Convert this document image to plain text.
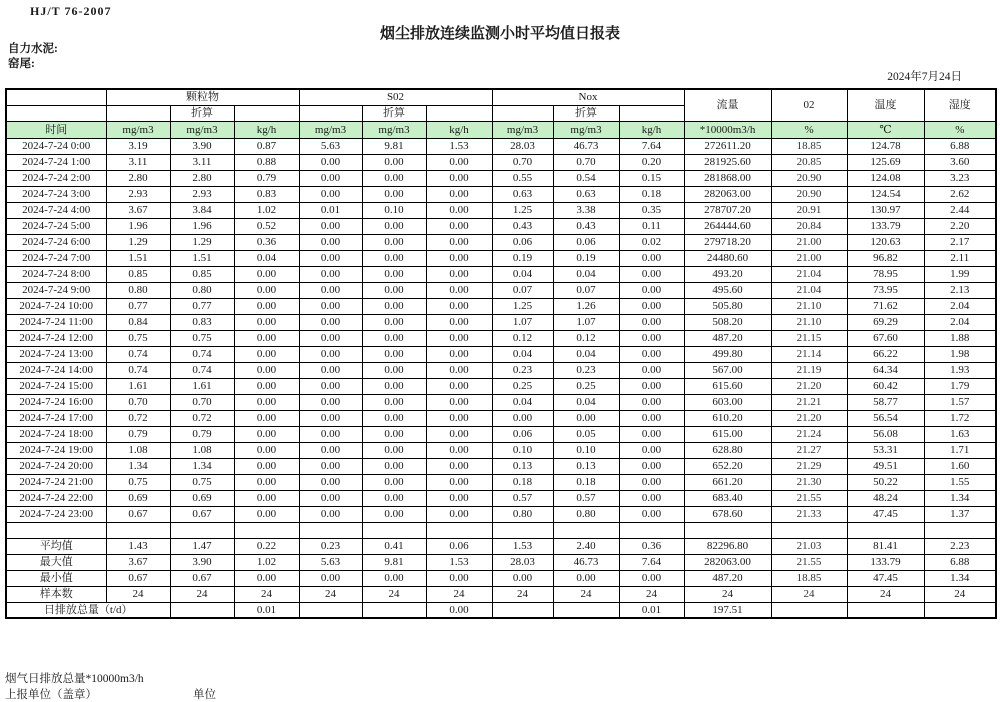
HJ/T 76-2007
烟尘排放连续监测小时平均值日报表
自力水泥:
窑尾:
2024年7月24日
	颗粒物			S02			Nox			流量	02	温度	湿度
		折算			折算			折算					
时间	mg/m3	mg/m3	kg/h	mg/m3	mg/m3	kg/h	mg/m3	mg/m3	kg/h	*10000m3/h	%	℃	%
2024-7-24 0:00	3.19	3.90	0.87	5.63	9.81	1.53	28.03	46.73	7.64	272611.20	18.85	124.78	6.88
2024-7-24 1:00	3.11	3.11	0.88	0.00	0.00	0.00	0.70	0.70	0.20	281925.60	20.85	125.69	3.60
2024-7-24 2:00	2.80	2.80	0.79	0.00	0.00	0.00	0.55	0.54	0.15	281868.00	20.90	124.08	3.23
2024-7-24 3:00	2.93	2.93	0.83	0.00	0.00	0.00	0.63	0.63	0.18	282063.00	20.90	124.54	2.62
2024-7-24 4:00	3.67	3.84	1.02	0.01	0.10	0.00	1.25	3.38	0.35	278707.20	20.91	130.97	2.44
2024-7-24 5:00	1.96	1.96	0.52	0.00	0.00	0.00	0.43	0.43	0.11	264444.60	20.84	133.79	2.20
2024-7-24 6:00	1.29	1.29	0.36	0.00	0.00	0.00	0.06	0.06	0.02	279718.20	21.00	120.63	2.17
2024-7-24 7:00	1.51	1.51	0.04	0.00	0.00	0.00	0.19	0.19	0.00	24480.60	21.00	96.82	2.11
2024-7-24 8:00	0.85	0.85	0.00	0.00	0.00	0.00	0.04	0.04	0.00	493.20	21.04	78.95	1.99
2024-7-24 9:00	0.80	0.80	0.00	0.00	0.00	0.00	0.07	0.07	0.00	495.60	21.04	73.95	2.13
2024-7-24 10:00	0.77	0.77	0.00	0.00	0.00	0.00	1.25	1.26	0.00	505.80	21.10	71.62	2.04
2024-7-24 11:00	0.84	0.83	0.00	0.00	0.00	0.00	1.07	1.07	0.00	508.20	21.10	69.29	2.04
2024-7-24 12:00	0.75	0.75	0.00	0.00	0.00	0.00	0.12	0.12	0.00	487.20	21.15	67.60	1.88
2024-7-24 13:00	0.74	0.74	0.00	0.00	0.00	0.00	0.04	0.04	0.00	499.80	21.14	66.22	1.98
2024-7-24 14:00	0.74	0.74	0.00	0.00	0.00	0.00	0.23	0.23	0.00	567.00	21.19	64.34	1.93
2024-7-24 15:00	1.61	1.61	0.00	0.00	0.00	0.00	0.25	0.25	0.00	615.60	21.20	60.42	1.79
2024-7-24 16:00	0.70	0.70	0.00	0.00	0.00	0.00	0.04	0.04	0.00	603.00	21.21	58.77	1.57
2024-7-24 17:00	0.72	0.72	0.00	0.00	0.00	0.00	0.00	0.00	0.00	610.20	21.20	56.54	1.72
2024-7-24 18:00	0.79	0.79	0.00	0.00	0.00	0.00	0.06	0.05	0.00	615.00	21.24	56.08	1.63
2024-7-24 19:00	1.08	1.08	0.00	0.00	0.00	0.00	0.10	0.10	0.00	628.80	21.27	53.31	1.71
2024-7-24 20:00	1.34	1.34	0.00	0.00	0.00	0.00	0.13	0.13	0.00	652.20	21.29	49.51	1.60
2024-7-24 21:00	0.75	0.75	0.00	0.00	0.00	0.00	0.18	0.18	0.00	661.20	21.30	50.22	1.55
2024-7-24 22:00	0.69	0.69	0.00	0.00	0.00	0.00	0.57	0.57	0.00	683.40	21.55	48.24	1.34
2024-7-24 23:00	0.67	0.67	0.00	0.00	0.00	0.00	0.80	0.80	0.00	678.60	21.33	47.45	1.37

平均值	1.43	1.47	0.22	0.23	0.41	0.06	1.53	2.40	0.36	82296.80	21.03	81.41	2.23
最大值	3.67	3.90	1.02	5.63	9.81	1.53	28.03	46.73	7.64	282063.00	21.55	133.79	6.88
最小值	0.67	0.67	0.00	0.00	0.00	0.00	0.00	0.00	0.00	487.20	18.85	47.45	1.34
样本数	24	24	24	24	24	24	24	24	24	24	24	24	24
日排放总量（t/d）			0.01			0.00			0.01	197.51			
烟气日排放总量*10000m3/h
上报单位（盖章）	单位
